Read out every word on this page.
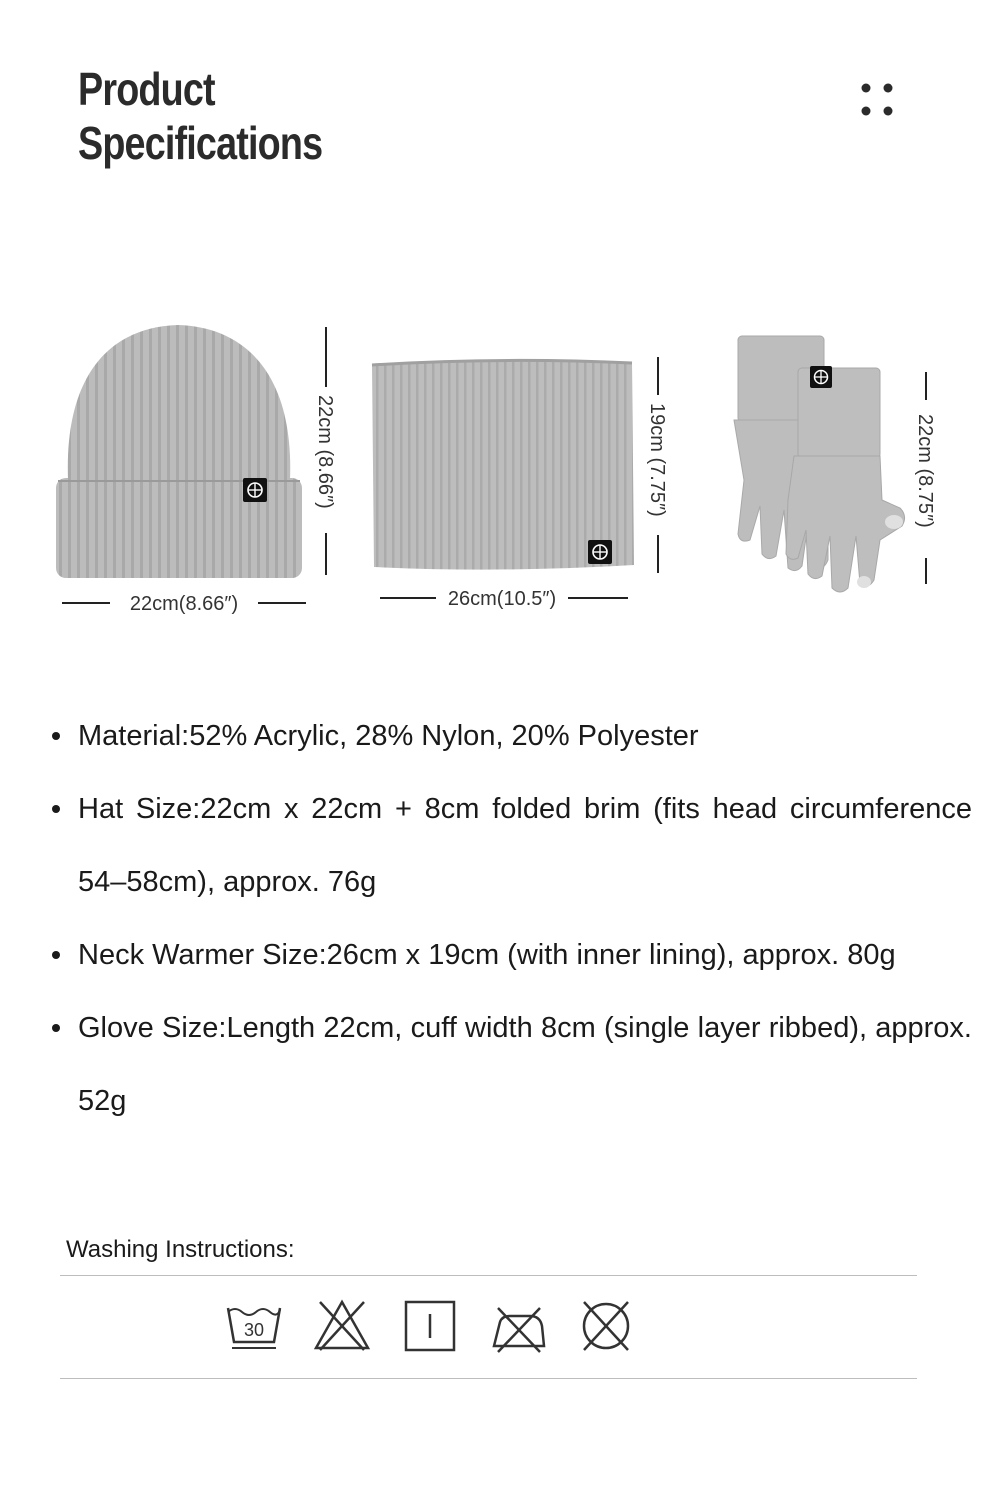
Product
Specifications
22cm (8.66″)
22cm(8.66″)
19cm (7.75″)
26cm(10.5″)
22cm (8.75″)
Material:52% Acrylic, 28% Nylon, 20% Polyester
Hat Size:22cm x 22cm + 8cm folded brim (fits head circumference 54–58cm), approx. 76g
Neck Warmer Size:26cm x 19cm (with inner lining), approx. 80g
Glove Size:Length 22cm, cuff width 8cm (single layer ribbed), approx. 52g
Washing Instructions:
30
